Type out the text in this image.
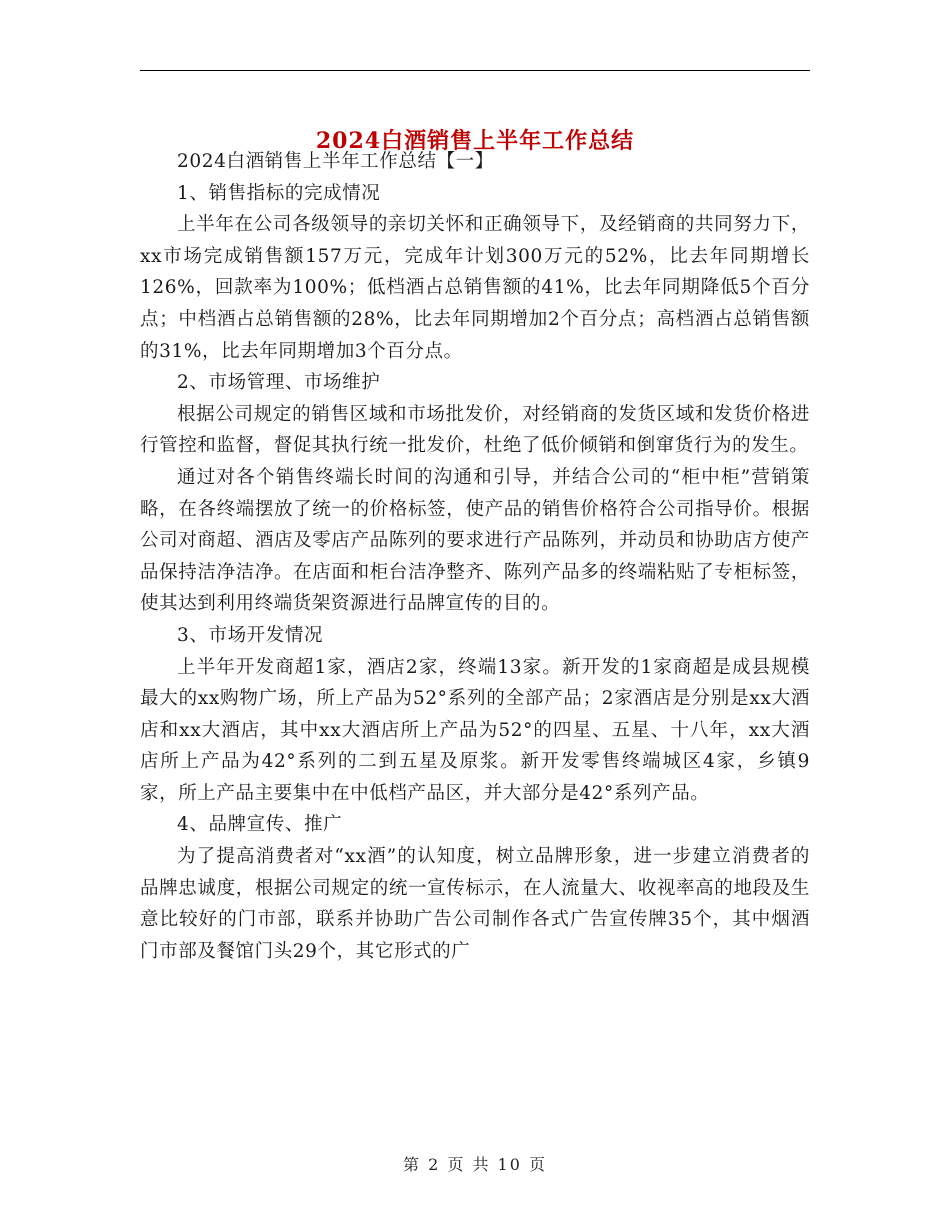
2024白酒销售上半年工作总结

2024白酒销售上半年工作总结【一】

1、销售指标的完成情况

上半年在公司各级领导的亲切关怀和正确领导下，及经销商的共同努力下，xx市场完成销售额157万元，完成年计划300万元的52%，比去年同期增长126%，回款率为100%；低档酒占总销售额的41%，比去年同期降低5个百分点；中档酒占总销售额的28%，比去年同期增加2个百分点；高档酒占总销售额的31%，比去年同期增加3个百分点。

2、市场管理、市场维护

根据公司规定的销售区域和市场批发价，对经销商的发货区域和发货价格进行管控和监督，督促其执行统一批发价，杜绝了低价倾销和倒窜货行为的发生。

通过对各个销售终端长时间的沟通和引导，并结合公司的“柜中柜”营销策略，在各终端摆放了统一的价格标签，使产品的销售价格符合公司指导价。根据公司对商超、酒店及零店产品陈列的要求进行产品陈列，并动员和协助店方使产品保持洁净洁净。在店面和柜台洁净整齐、陈列产品多的终端粘贴了专柜标签，使其达到利用终端货架资源进行品牌宣传的目的。

3、市场开发情况

上半年开发商超1家，酒店2家，终端13家。新开发的1家商超是成县规模最大的xx购物广场，所上产品为52°系列的全部产品；2家酒店是分别是xx大酒店和xx大酒店，其中xx大酒店所上产品为52°的四星、五星、十八年，xx大酒店所上产品为42°系列的二到五星及原浆。新开发零售终端城区4家，乡镇9家，所上产品主要集中在中低档产品区，并大部分是42°系列产品。

4、品牌宣传、推广

为了提高消费者对“xx酒”的认知度，树立品牌形象，进一步建立消费者的品牌忠诚度，根据公司规定的统一宣传标示，在人流量大、收视率高的地段及生意比较好的门市部，联系并协助广告公司制作各式广告宣传牌35个，其中烟酒门市部及餐馆门头29个，其它形式的广

第 2 页 共 10 页
